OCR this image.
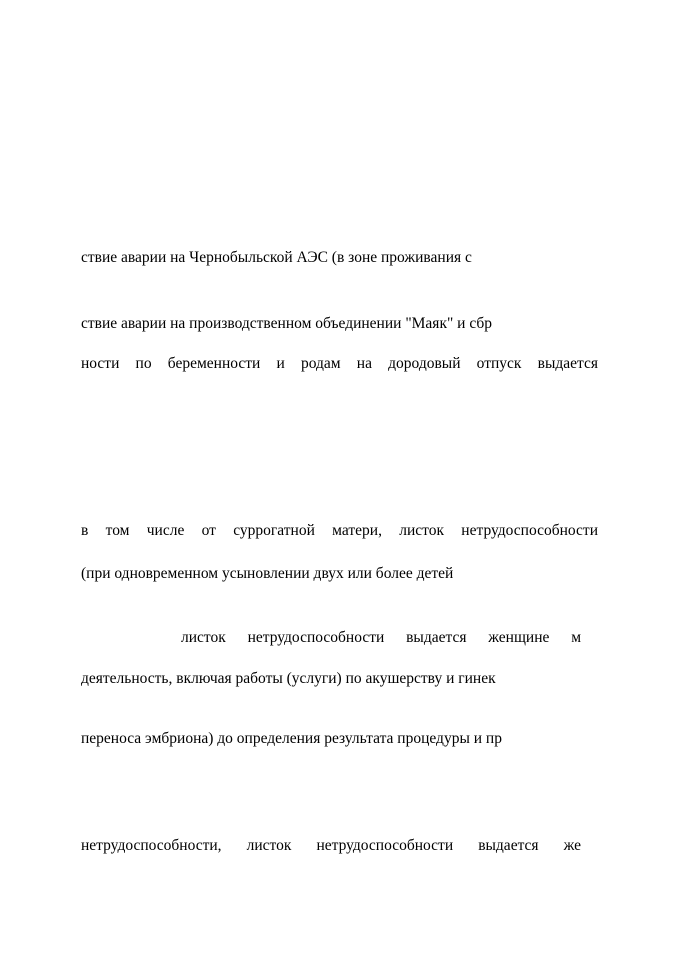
ствие аварии на Чернобыльской АЭС (в зоне проживания с
ствие аварии на производственном объединении "Маяк" и сбр
ности по беременности и родам на дородовый отпуск выдается
в том числе от суррогатной матери, листок нетрудоспособности
(при одновременном усыновлении двух или более детей
листок нетрудоспособности выдается женщине м
деятельность, включая работы (услуги) по акушерству и гинек
переноса эмбриона) до определения результата процедуры и пр
нетрудоспособности, листок нетрудоспособности выдается же
